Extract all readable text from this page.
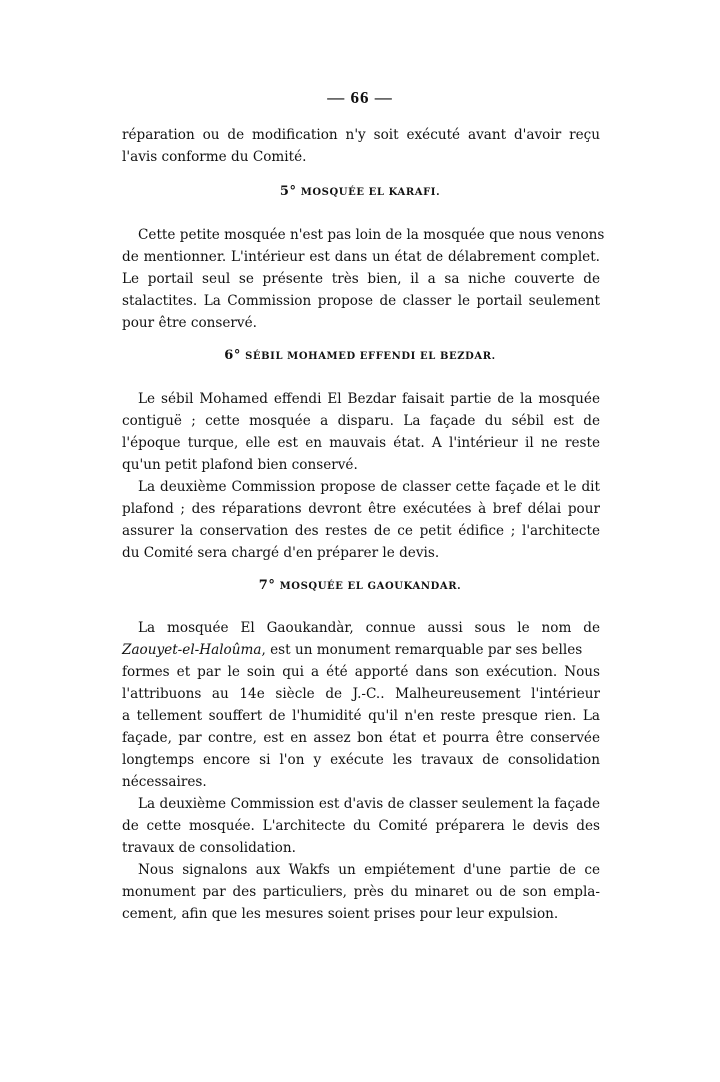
— 66 —
réparation ou de modification n'y soit exécuté avant d'avoir reçu
l'avis conforme du Comité.
5° MOSQUÉE EL KARAFI.
Cette petite mosquée n'est pas loin de la mosquée que nous venons
de mentionner. L'intérieur est dans un état de délabrement complet.
Le portail seul se présente très bien, il a sa niche couverte de
stalactites. La Commission propose de classer le portail seulement
pour être conservé.
6° SÉBIL MOHAMED EFFENDI EL BEZDAR.
Le sébil Mohamed effendi El Bezdar faisait partie de la mosquée
contiguë ; cette mosquée a disparu. La façade du sébil est de
l'époque turque, elle est en mauvais état. A l'intérieur il ne reste
qu'un petit plafond bien conservé.
La deuxième Commission propose de classer cette façade et le dit
plafond ; des réparations devront être exécutées à bref délai pour
assurer la conservation des restes de ce petit édifice ; l'architecte
du Comité sera chargé d'en préparer le devis.
7° MOSQUÉE EL GAOUKANDAR.
La mosquée El Gaoukandàr, connue aussi sous le nom de
Zaouyet-el-Haloûma, est un monument remarquable par ses belles
formes et par le soin qui a été apporté dans son exécution. Nous
l'attribuons au 14e siècle de J.-C.. Malheureusement l'intérieur
a tellement souffert de l'humidité qu'il n'en reste presque rien. La
façade, par contre, est en assez bon état et pourra être conservée
longtemps encore si l'on y exécute les travaux de consolidation
nécessaires.
La deuxième Commission est d'avis de classer seulement la façade
de cette mosquée. L'architecte du Comité préparera le devis des
travaux de consolidation.
Nous signalons aux Wakfs un empiétement d'une partie de ce
monument par des particuliers, près du minaret ou de son empla-
cement, afin que les mesures soient prises pour leur expulsion.
